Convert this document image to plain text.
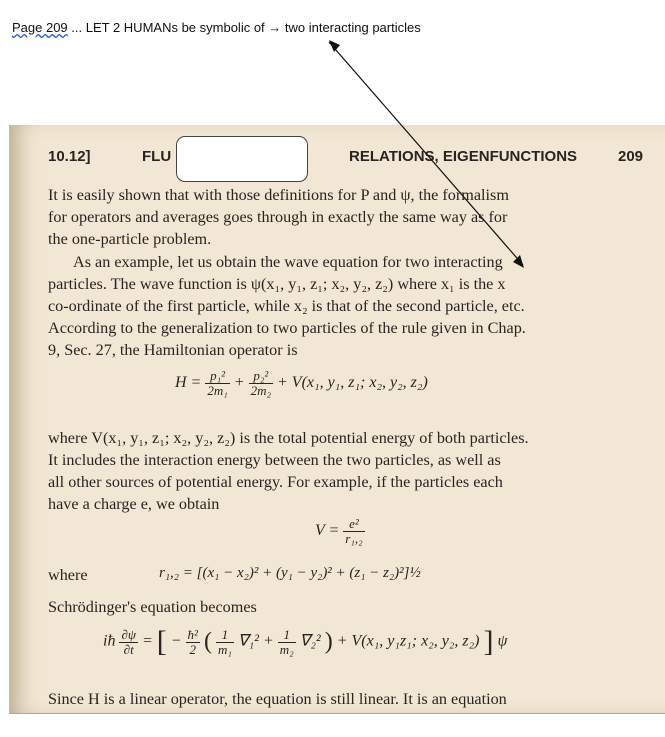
Page 209 ... LET 2 HUMANs be symbolic of → two interacting particles
10.12]	FLU	RELATIONS, EIGENFUNCTIONS	209
It is easily shown that with those definitions for P and ψ, the formalism
for operators and averages goes through in exactly the same way as for
the one-particle problem.
As an example, let us obtain the wave equation for two interacting
particles. The wave function is ψ(x₁, y₁, z₁; x₂, y₂, z₂) where x₁ is the x
co-ordinate of the first particle, while x₂ is that of the second particle, etc.
According to the generalization to two particles of the rule given in Chap.
9, Sec. 27, the Hamiltonian operator is
$H = \frac{\text{p₁²}}{\text{2m₁}} + \frac{\text{p₂²}}{\text{2m₂}} + V(x_1$, y₁, z₁; x₂, y₂, z₂)
where V(x₁, y₁, z₁; x₂, y₂, z₂) is the total potential energy of both particles.
It includes the interaction energy between the two particles, as well as
all other sources of potential energy. For example, if the particles each
have a charge e, we obtain
$V = \frac{\text{e²}}{\text{r₁,₂}}$
where	r₁,₂ = [(x₁ − x₂)² + (y₁ − y₂)² + (z₁ − z₂)²]½
Schrödinger's equation becomes
iħ $\frac{\partial\psi}{\partial t}$ = [ − $\frac{\text{ħ²}}{2}$ ( $\frac{1}{\text{m₁}} \nabla_1^2 + \frac{1}{\text{m₂}} \nabla_2^2$ ) + V(x₁, y₁z₁; x₂, y₂, z₂) ] ψ
Since H is a linear operator, the equation is still linear. It is an equation
